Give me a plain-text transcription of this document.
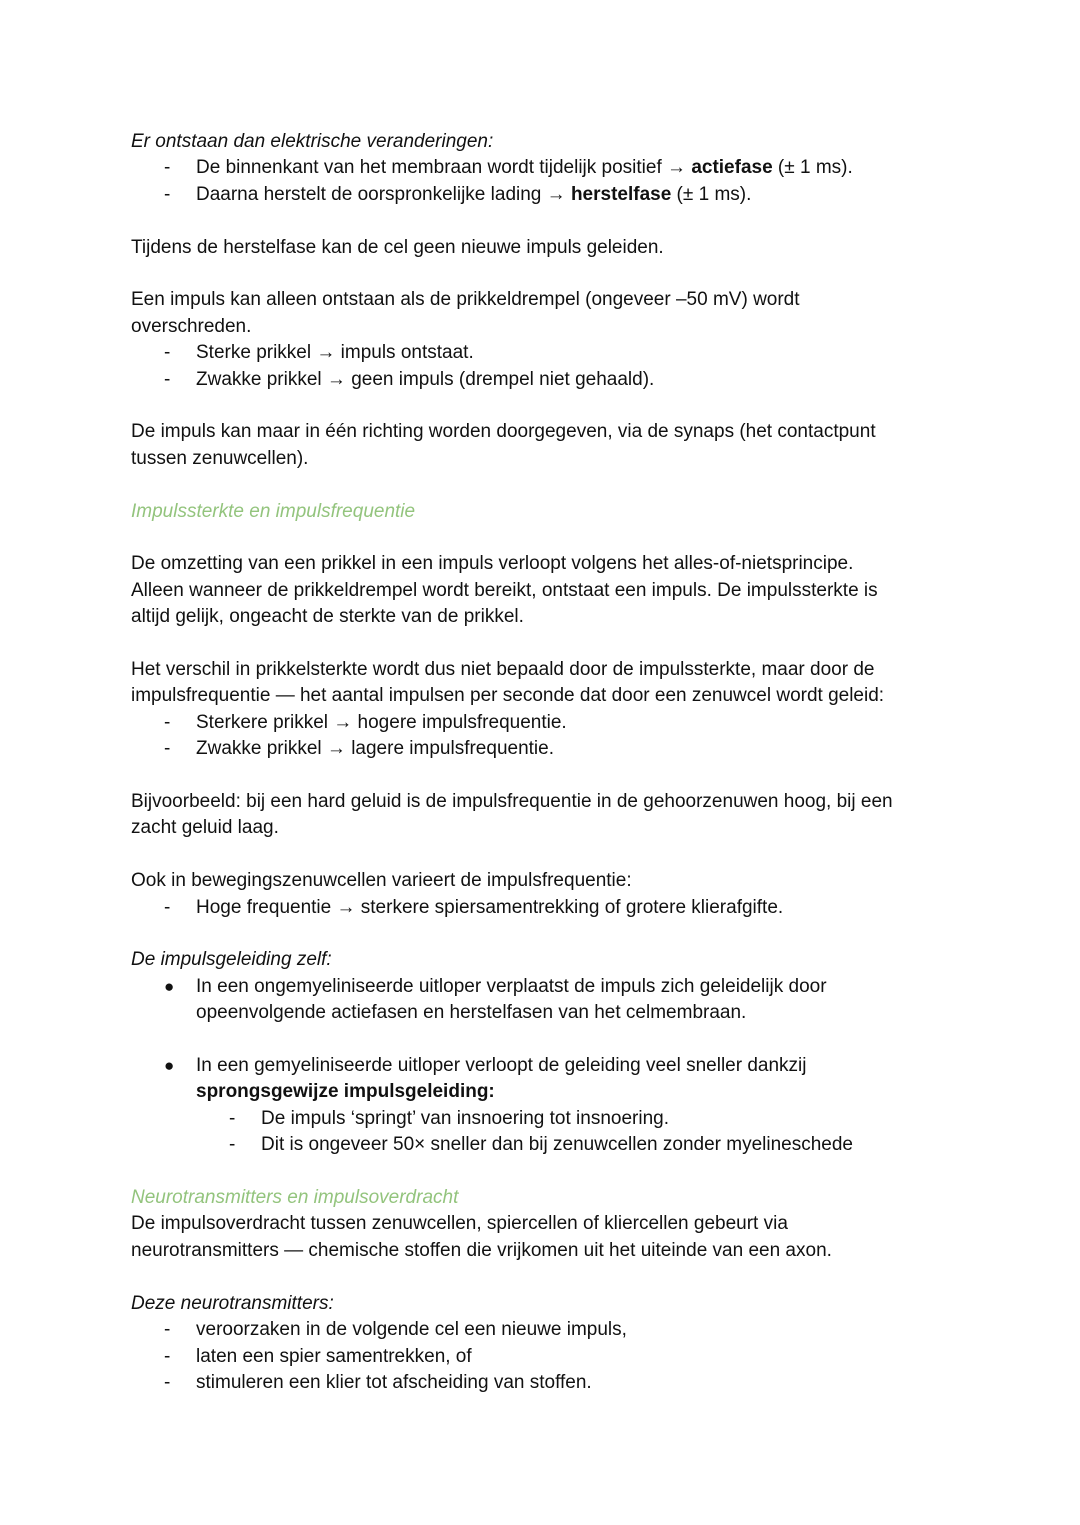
Er ontstaan dan elektrische veranderingen:

- De binnenkant van het membraan wordt tijdelijk positief → actiefase (± 1 ms).
- Daarna herstelt de oorspronkelijke lading → herstelfase (± 1 ms).

Tijdens de herstelfase kan de cel geen nieuwe impuls geleiden.

Een impuls kan alleen ontstaan als de prikkeldrempel (ongeveer –50 mV) wordt
overschreden.

- Sterke prikkel → impuls ontstaat.
- Zwakke prikkel → geen impuls (drempel niet gehaald).

De impuls kan maar in één richting worden doorgegeven, via de synaps (het contactpunt
tussen zenuwcellen).

Impulssterkte en impulsfrequentie

De omzetting van een prikkel in een impuls verloopt volgens het alles-of-nietsprincipe.
Alleen wanneer de prikkeldrempel wordt bereikt, ontstaat een impuls. De impulssterkte is
altijd gelijk, ongeacht de sterkte van de prikkel.

Het verschil in prikkelsterkte wordt dus niet bepaald door de impulssterkte, maar door de
impulsfrequentie — het aantal impulsen per seconde dat door een zenuwcel wordt geleid:

- Sterkere prikkel → hogere impulsfrequentie.
- Zwakke prikkel → lagere impulsfrequentie.

Bijvoorbeeld: bij een hard geluid is de impulsfrequentie in de gehoorzenuwen hoog, bij een
zacht geluid laag.

Ook in bewegingszenuwcellen varieert de impulsfrequentie:

- Hoge frequentie → sterkere spiersamentrekking of grotere klierafgifte.

De impulsgeleiding zelf:

● In een ongemyeliniseerde uitloper verplaatst de impuls zich geleidelijk door
opeenvolgende actiefasen en herstelfasen van het celmembraan.
● In een gemyeliniseerde uitloper verloopt de geleiding veel sneller dankzij
sprongsgewijze impulsgeleiding:
- De impuls ‘springt’ van insnoering tot insnoering.
- Dit is ongeveer 50× sneller dan bij zenuwcellen zonder myelineschede

Neurotransmitters en impulsoverdracht

De impulsoverdracht tussen zenuwcellen, spiercellen of kliercellen gebeurt via
neurotransmitters — chemische stoffen die vrijkomen uit het uiteinde van een axon.

Deze neurotransmitters:

- veroorzaken in de volgende cel een nieuwe impuls,
- laten een spier samentrekken, of
- stimuleren een klier tot afscheiding van stoffen.
